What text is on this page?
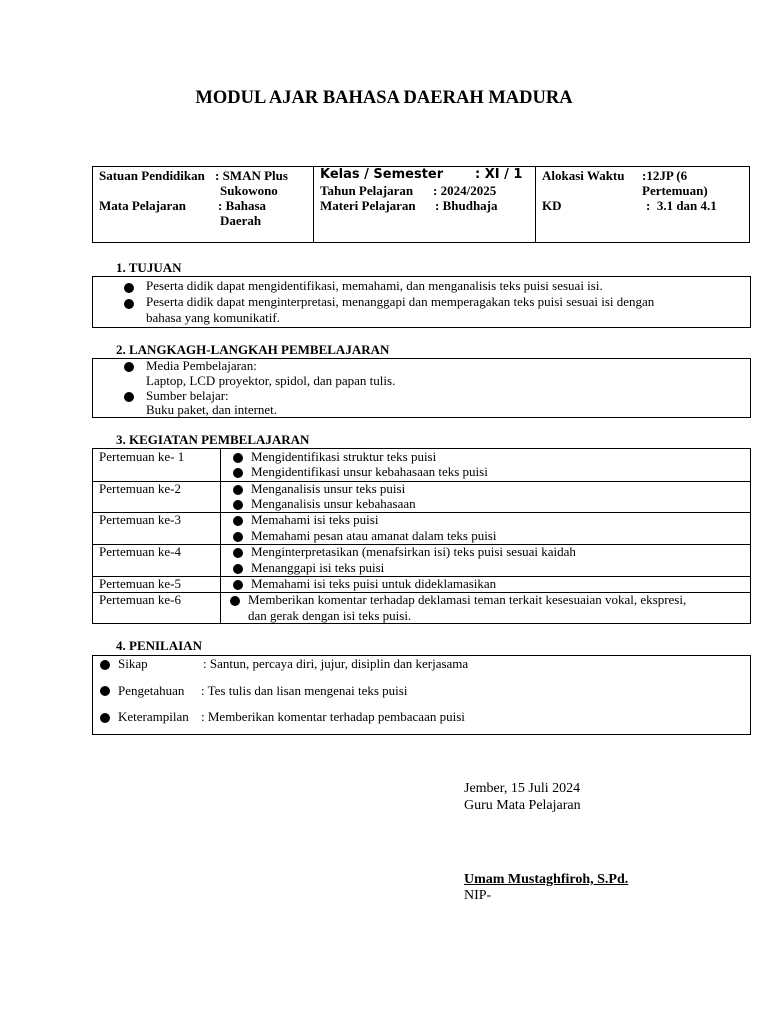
MODUL AJAR BAHASA DAERAH MADURA
Satuan Pendidikan : SMAN Plus
Sukowono
Mata Pelajaran : Bahasa
Daerah
Kelas / Semester : XI / 1
Tahun Pelajaran : 2024/2025
Materi Pelajaran : Bhudhaja
Alokasi Waktu :12JP (6
Pertemuan)
KD	:  3.1 dan 4.1
1. TUJUAN
Peserta didik dapat mengidentifikasi, memahami, dan menganalisis teks puisi sesuai isi.
Peserta didik dapat menginterpretasi, menanggapi dan memperagakan teks puisi sesuai isi dengan
bahasa yang komunikatif.
2. LANGKAGH-LANGKAH PEMBELAJARAN
Media Pembelajaran:
Laptop, LCD proyektor, spidol, dan papan tulis.
Sumber belajar:
Buku paket, dan internet.
3. KEGIATAN PEMBELAJARAN
Pertemuan ke- 1	Mengidentifikasi struktur teks puisi
Mengidentifikasi unsur kebahasaan teks puisi
Pertemuan ke-2	Menganalisis unsur teks puisi
Menganalisis unsur kebahasaan
Pertemuan ke-3	Memahami isi teks puisi
Memahami pesan atau amanat dalam teks puisi
Pertemuan ke-4	Menginterpretasikan (menafsirkan isi) teks puisi sesuai kaidah
Menanggapi isi teks puisi
Pertemuan ke-5	Memahami isi teks puisi untuk dideklamasikan
Pertemuan ke-6	Memberikan komentar terhadap deklamasi teman terkait kesesuaian vokal, ekspresi,
dan gerak dengan isi teks puisi.
4. PENILAIAN
Sikap	: Santun, percaya diri, jujur, disiplin dan kerjasama
Pengetahuan : Tes tulis dan lisan mengenai teks puisi
Keterampilan : Memberikan komentar terhadap pembacaan puisi
Jember, 15 Juli 2024
Guru Mata Pelajaran
Umam Mustaghfiroh, S.Pd.
NIP-
